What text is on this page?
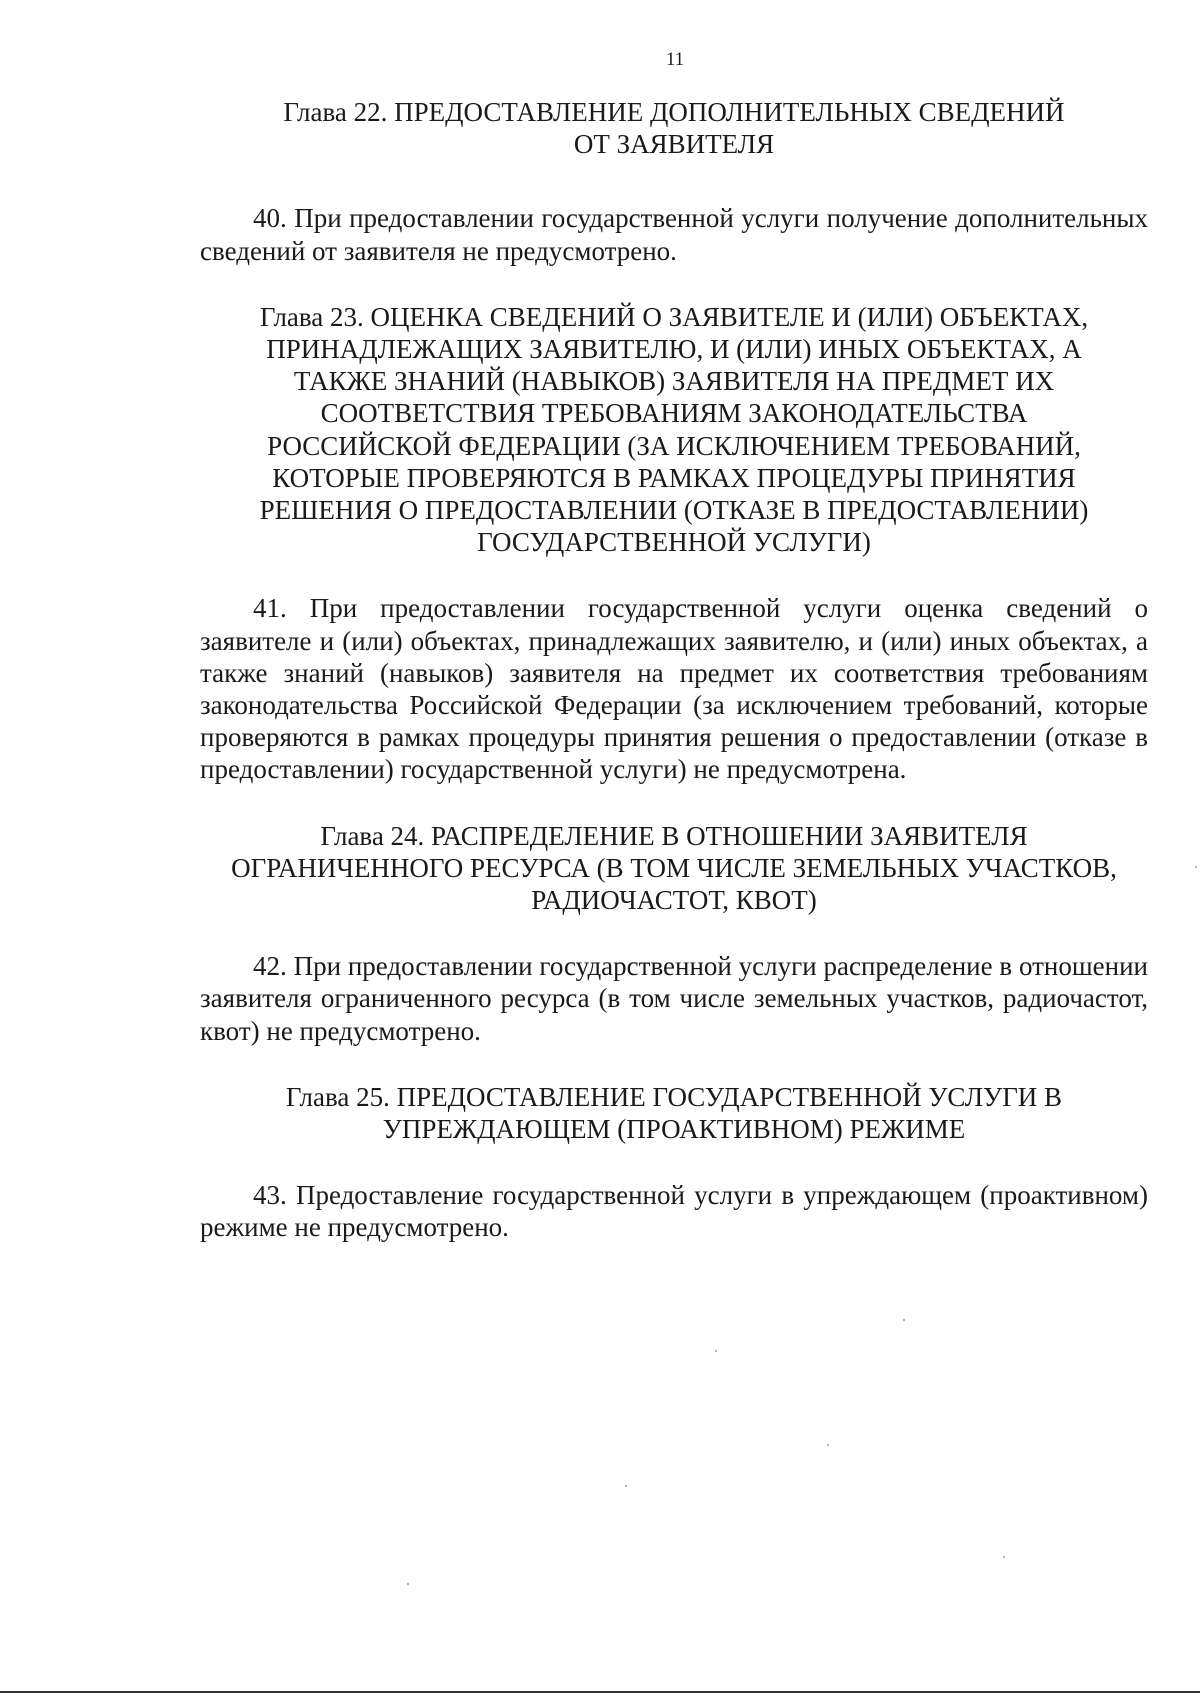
11
Глава 22. ПРЕДОСТАВЛЕНИЕ ДОПОЛНИТЕЛЬНЫХ СВЕДЕНИЙ
ОТ ЗАЯВИТЕЛЯ

40. При предоставлении государственной услуги получение дополнительных сведений от заявителя не предусмотрено.

Глава 23. ОЦЕНКА СВЕДЕНИЙ О ЗАЯВИТЕЛЕ И (ИЛИ) ОБЪЕКТАХ,
ПРИНАДЛЕЖАЩИХ ЗАЯВИТЕЛЮ, И (ИЛИ) ИНЫХ ОБЪЕКТАХ, А
ТАКЖЕ ЗНАНИЙ (НАВЫКОВ) ЗАЯВИТЕЛЯ НА ПРЕДМЕТ ИХ
СООТВЕТСТВИЯ ТРЕБОВАНИЯМ ЗАКОНОДАТЕЛЬСТВА
РОССИЙСКОЙ ФЕДЕРАЦИИ (ЗА ИСКЛЮЧЕНИЕМ ТРЕБОВАНИЙ,
КОТОРЫЕ ПРОВЕРЯЮТСЯ В РАМКАХ ПРОЦЕДУРЫ ПРИНЯТИЯ
РЕШЕНИЯ О ПРЕДОСТАВЛЕНИИ (ОТКАЗЕ В ПРЕДОСТАВЛЕНИИ)
ГОСУДАРСТВЕННОЙ УСЛУГИ)

41. При предоставлении государственной услуги оценка сведений о заявителе и (или) объектах, принадлежащих заявителю, и (или) иных объектах, а также знаний (навыков) заявителя на предмет их соответствия требованиям законодательства Российской Федерации (за исключением требований, которые проверяются в рамках процедуры принятия решения о предоставлении (отказе в предоставлении) государственной услуги) не предусмотрена.

Глава 24. РАСПРЕДЕЛЕНИЕ В ОТНОШЕНИИ ЗАЯВИТЕЛЯ
ОГРАНИЧЕННОГО РЕСУРСА (В ТОМ ЧИСЛЕ ЗЕМЕЛЬНЫХ УЧАСТКОВ,
РАДИОЧАСТОТ, КВОТ)

42. При предоставлении государственной услуги распределение в отношении заявителя ограниченного ресурса (в том числе земельных участков, радиочастот, квот) не предусмотрено.

Глава 25. ПРЕДОСТАВЛЕНИЕ ГОСУДАРСТВЕННОЙ УСЛУГИ В
УПРЕЖДАЮЩЕМ (ПРОАКТИВНОМ) РЕЖИМЕ

43. Предоставление государственной услуги в упреждающем (проактивном) режиме не предусмотрено.
